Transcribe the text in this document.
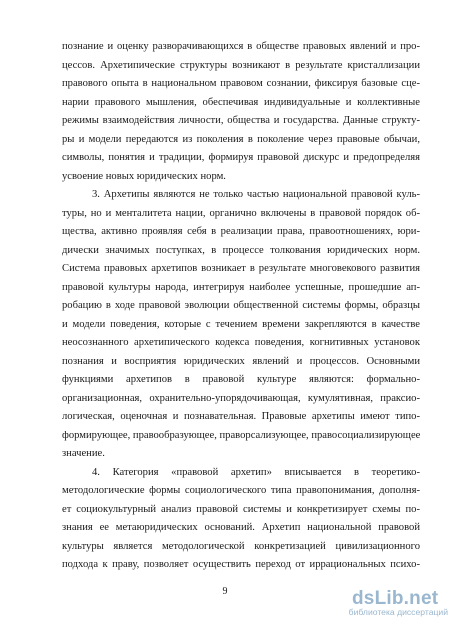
познание и оценку разворачивающихся в обществе правовых явлений и про-
цессов. Архетипические структуры возникают в результате кристаллизации
правового опыта в национальном правовом сознании, фиксируя базовые сце-
нарии правового мышления, обеспечивая индивидуальные и коллективные
режимы взаимодействия личности, общества и государства. Данные структу-
ры и модели передаются из поколения в поколение через правовые обычаи,
символы, понятия и традиции, формируя правовой дискурс и предопределяя
усвоение новых юридических норм.
3. Архетипы являются не только частью национальной правовой куль-
туры, но и менталитета нации, органично включены в правовой порядок об-
щества, активно проявляя себя в реализации права, правоотношениях, юри-
дически значимых поступках, в процессе толкования юридических норм.
Система правовых архетипов возникает в результате многовекового развития
правовой культуры народа, интегрируя наиболее успешные, прошедшие ап-
робацию в ходе правовой эволюции общественной системы формы, образцы
и модели поведения, которые с течением времени закрепляются в качестве
неосознанного архетипического кодекса поведения, когнитивных установок
познания и восприятия юридических явлений и процессов. Основными
функциями архетипов в правовой культуре являются: формально-
организационная, охранительно-упорядочивающая, кумулятивная, праксио-
логическая, оценочная и познавательная. Правовые архетипы имеют типо-
формирующее, правообразующее, праворсализующее, правосоциализирующее
значение.
4. Категория «правовой архетип» вписывается в теоретико-
методологические формы социологического типа правопонимания, дополня-
ет социокультурный анализ правовой системы и конкретизирует схемы по-
знания ее метаюридических оснований. Архетип национальной правовой
культуры является методологической конкретизацией цивилизационного
подхода к праву, позволяет осуществить переход от иррациональных психо-
9	dsLib.net
библиотека диссертаций
